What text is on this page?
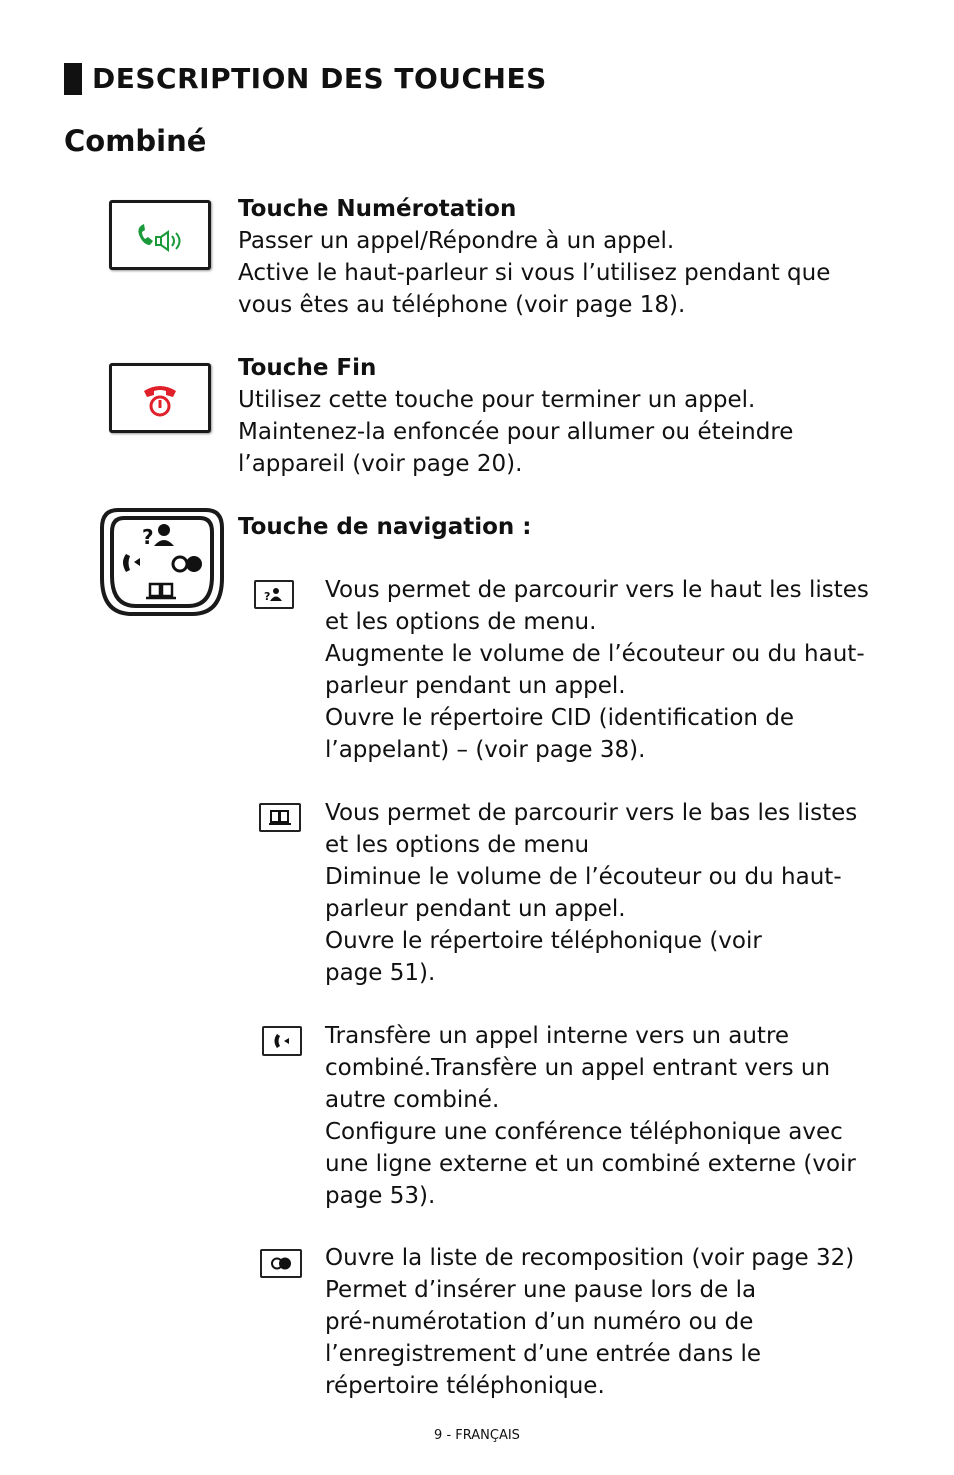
DESCRIPTION DES TOUCHES
Combiné
Touche Numérotation
Passer un appel/Répondre à un appel.
Active le haut-parleur si vous l’utilisez pendant que
vous êtes au téléphone (voir page 18).
Touche Fin
Utilisez cette touche pour terminer un appel.
Maintenez-la enfoncée pour allumer ou éteindre
l’appareil (voir page 20).
?	Touche de navigation :
? Vous permet de parcourir vers le haut les listes
et les options de menu.
Augmente le volume de l’écouteur ou du haut-
parleur pendant un appel.
Ouvre le répertoire CID (identification de
l’appelant) – (voir page 38).
Vous permet de parcourir vers le bas les listes
et les options de menu
Diminue le volume de l’écouteur ou du haut-
parleur pendant un appel.
Ouvre le répertoire téléphonique (voir
page 51).
Transfère un appel interne vers un autre
combiné.Transfère un appel entrant vers un
autre combiné.
Configure une conférence téléphonique avec
une ligne externe et un combiné externe (voir
page 53).
Ouvre la liste de recomposition (voir page 32)
Permet d’insérer une pause lors de la
pré-numérotation d’un numéro ou de
l’enregistrement d’une entrée dans le
répertoire téléphonique.
9 - FRANÇAIS
